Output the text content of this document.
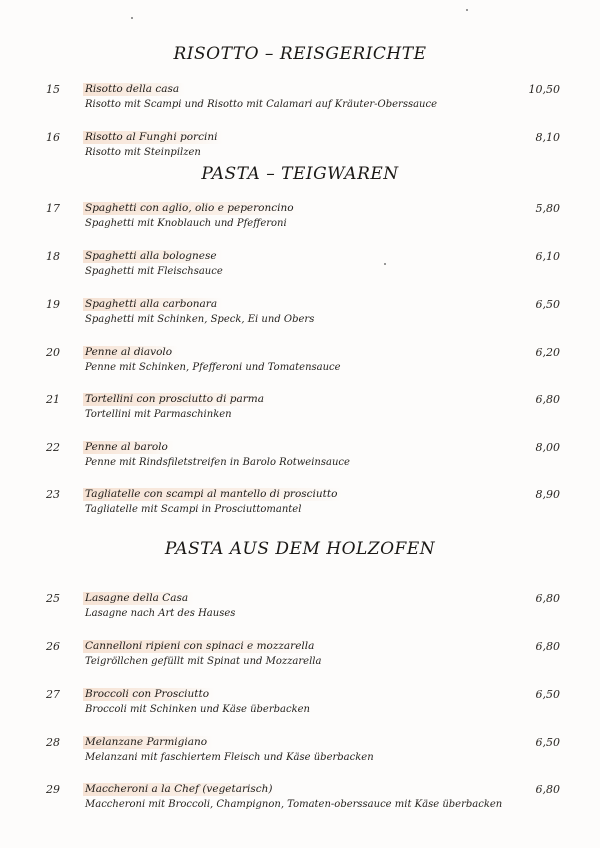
RISOTTO – REISGERICHTE
15 Risotto della casa
Risotto mit Scampi und Risotto mit Calamari auf Kräuter-Oberssauce
10,50
16 Risotto al Funghi porcini
Risotto mit Steinpilzen
8,10
PASTA – TEIGWAREN
17 Spaghetti con aglio, olio e peperoncino
Spaghetti mit Knoblauch und Pfefferoni
5,80
18 Spaghetti alla bolognese
Spaghetti mit Fleischsauce
6,10
19 Spaghetti alla carbonara
Spaghetti mit Schinken, Speck, Ei und Obers
6,50
20 Penne al diavolo
Penne mit Schinken, Pfefferoni und Tomatensauce
6,20
21 Tortellini con prosciutto di parma
Tortellini mit Parmaschinken
6,80
22 Penne al barolo
Penne mit Rindsfiletstreifen in Barolo Rotweinsauce
8,00
23 Tagliatelle con scampi al mantello di prosciutto
Tagliatelle mit Scampi in Prosciuttomantel
8,90
PASTA AUS DEM HOLZOFEN
25 Lasagne della Casa
Lasagne nach Art des Hauses
6,80
26 Cannelloni ripieni con spinaci e mozzarella
Teigröllchen gefüllt mit Spinat und Mozzarella
6,80
27 Broccoli con Prosciutto
Broccoli mit Schinken und Käse überbacken
6,50
28 Melanzane Parmigiano
Melanzani mit faschiertem Fleisch und Käse überbacken
6,50
29 Maccheroni a la Chef (vegetarisch)
Maccheroni mit Broccoli, Champignon, Tomaten-oberssauce mit Käse überbacken
6,80
